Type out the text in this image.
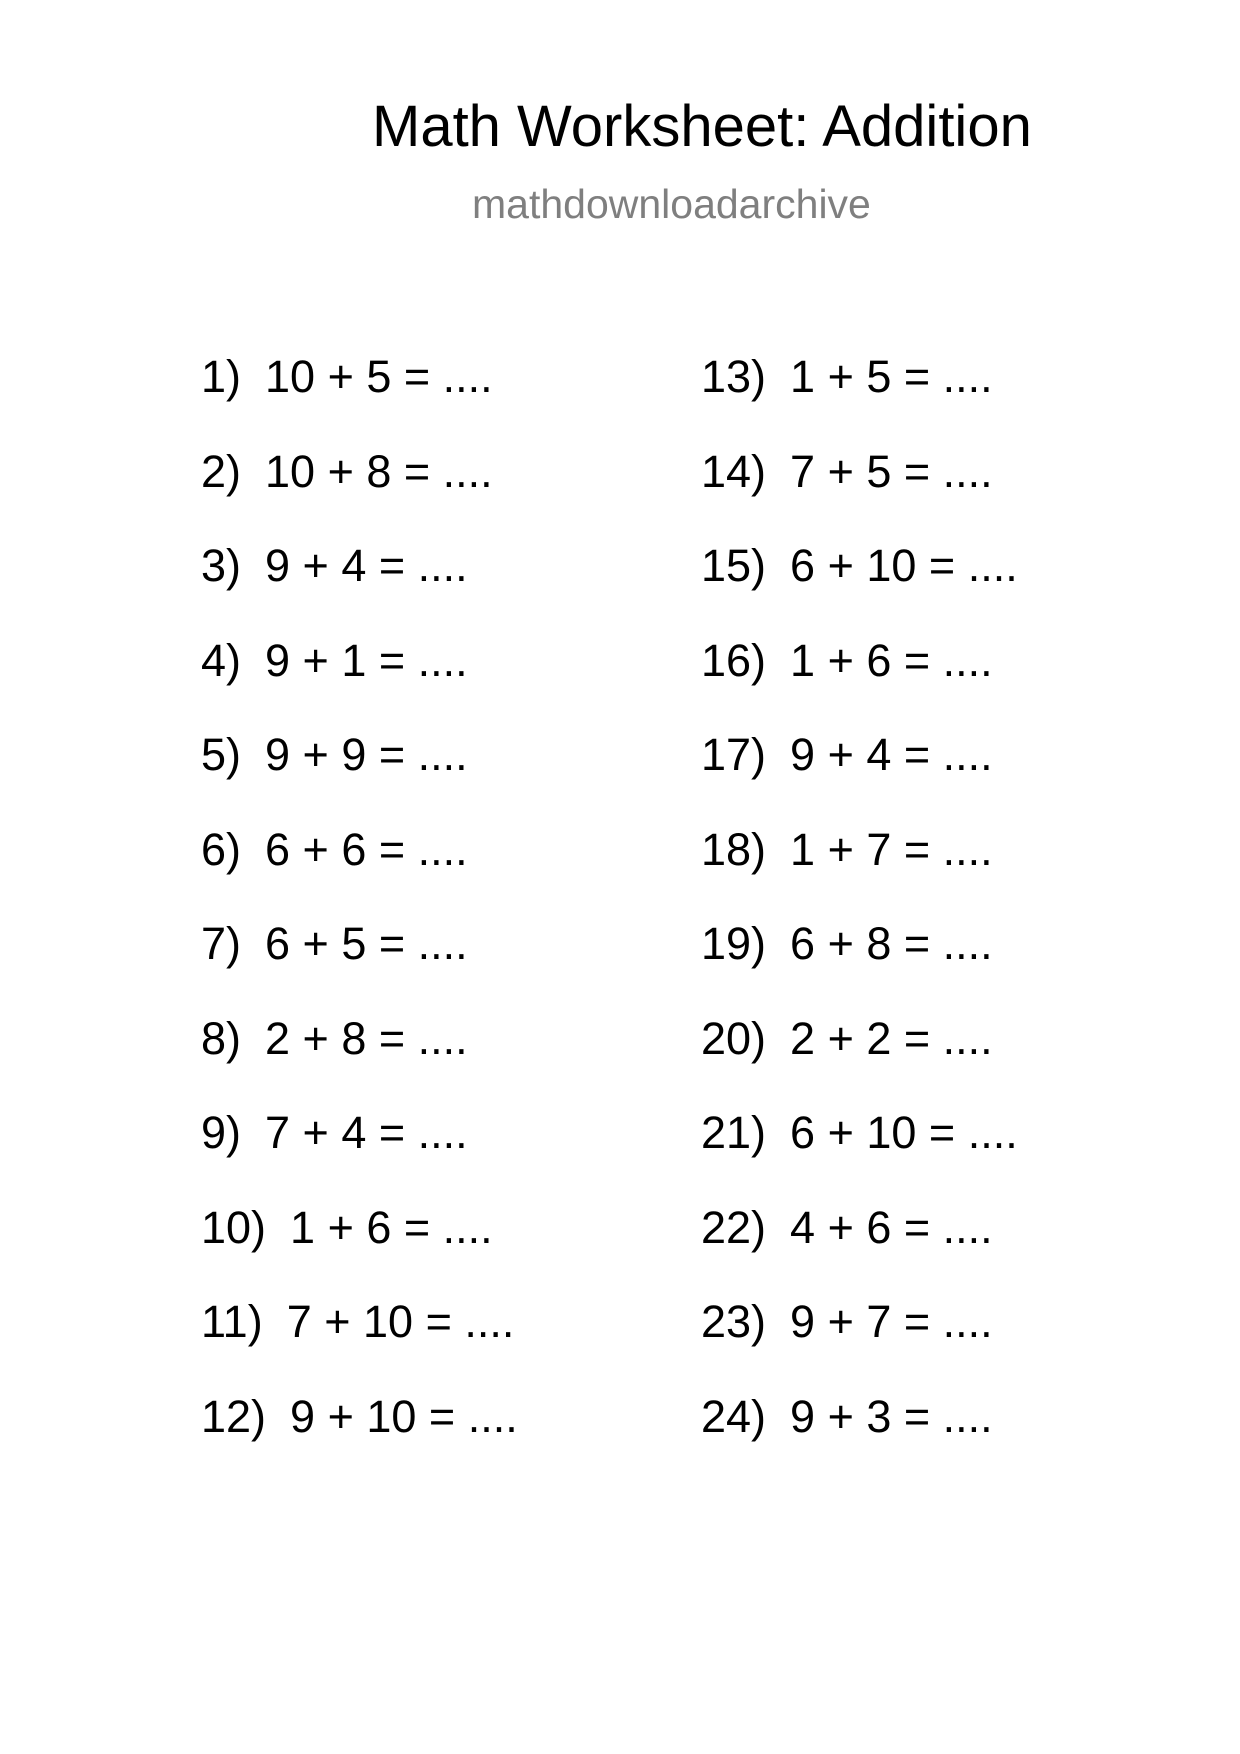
Math Worksheet: Addition
mathdownloadarchive
1) 10 + 5 = ....
2) 10 + 8 = ....
3) 9 + 4 = ....
4) 9 + 1 = ....
5) 9 + 9 = ....
6) 6 + 6 = ....
7) 6 + 5 = ....
8) 2 + 8 = ....
9) 7 + 4 = ....
10) 1 + 6 = ....
11) 7 + 10 = ....
12) 9 + 10 = ....
13) 1 + 5 = ....
14) 7 + 5 = ....
15) 6 + 10 = ....
16) 1 + 6 = ....
17) 9 + 4 = ....
18) 1 + 7 = ....
19) 6 + 8 = ....
20) 2 + 2 = ....
21) 6 + 10 = ....
22) 4 + 6 = ....
23) 9 + 7 = ....
24) 9 + 3 = ....
